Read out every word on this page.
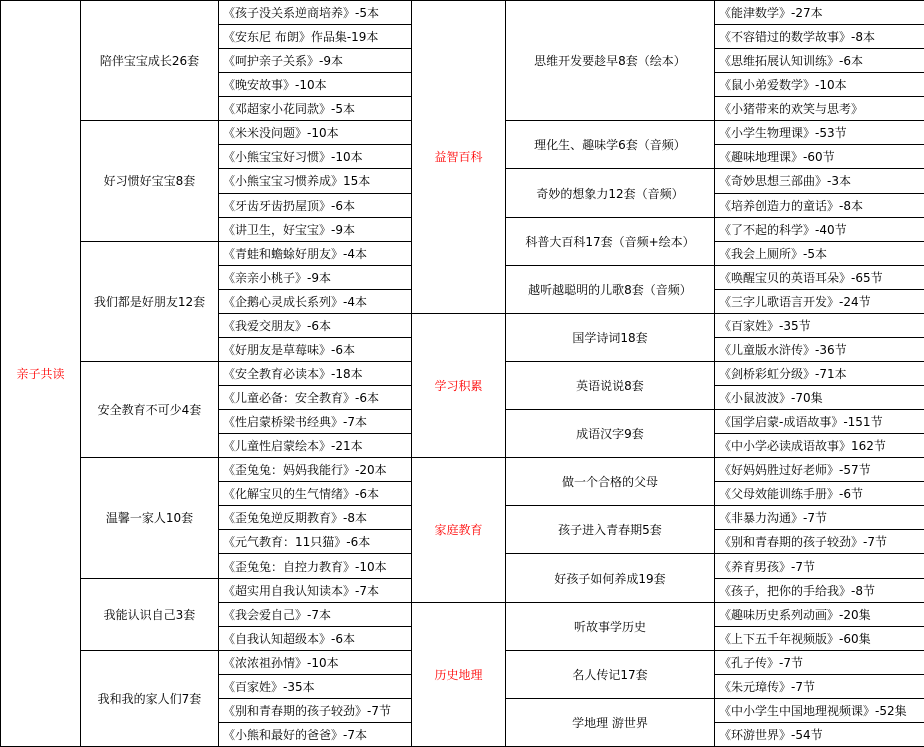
亲子共读
陪伴宝宝成长26套
好习惯好宝宝8套
我们都是好朋友12套
安全教育不可少4套
温馨一家人10套
我能认识自己3套
我和我的家人们7套
《孩子没关系逆商培养》-5本
《安东尼 布朗》作品集-19本
《呵护亲子关系》-9本
《晚安故事》-10本
《邓超家小花同款》-5本
《米米没问题》-10本
《小熊宝宝好习惯》-10本
《小熊宝宝习惯养成》15本
《牙齿牙齿扔屋顶》-6本
《讲卫生，好宝宝》-9本
《青蛙和蟾蜍好朋友》-4本
《亲亲小桃子》-9本
《企鹅心灵成长系列》-4本
《我爱交朋友》-6本
《好朋友是草莓味》-6本
《安全教育必读本》-18本
《儿童必备：安全教育》-6本
《性启蒙桥梁书经典》-7本
《儿童性启蒙绘本》-21本
《歪兔兔：妈妈我能行》-20本
《化解宝贝的生气情绪》-6本
《歪兔兔逆反期教育》-8本
《元气教育：11只猫》-6本
《歪兔兔：自控力教育》-10本
《超实用自我认知读本》-7本
《我会爱自己》-7本
《自我认知超级本》-6本
《浓浓祖孙情》-10本
《百家姓》-35本
《别和青春期的孩子较劲》-7节
《小熊和最好的爸爸》-7本
益智百科
学习积累
家庭教育
历史地理
思维开发要趁早8套（绘本）
理化生、趣味学6套（音频）
奇妙的想象力12套（音频）
科普大百科17套（音频+绘本）
越听越聪明的儿歌8套（音频）
国学诗词18套
英语说说8套
成语汉字9套
做一个合格的父母
孩子进入青春期5套
好孩子如何养成19套
听故事学历史
名人传记17套
学地理 游世界
《能津数学》-27本
《不容错过的数学故事》-8本
《思维拓展认知训练》-6本
《鼠小弟爱数学》-10本
《小猪带来的欢笑与思考》
《小学生物理课》-53节
《趣味地理课》-60节
《奇妙思想三部曲》-3本
《培养创造力的童话》-8本
《了不起的科学》-40节
《我会上厕所》-5本
《唤醒宝贝的英语耳朵》-65节
《三字儿歌语言开发》-24节
《百家姓》-35节
《儿童版水浒传》-36节
《剑桥彩虹分级》-71本
《小鼠波波》-70集
《国学启蒙-成语故事》-151节
《中小学必读成语故事》162节
《好妈妈胜过好老师》-57节
《父母效能训练手册》-6节
《非暴力沟通》-7节
《别和青春期的孩子较劲》-7节
《养育男孩》-7节
《孩子，把你的手给我》-8节
《趣味历史系列动画》-20集
《上下五千年视频版》-60集
《孔子传》-7节
《朱元璋传》-7节
《中小学生中国地理视频课》-52集
《环游世界》-54节
